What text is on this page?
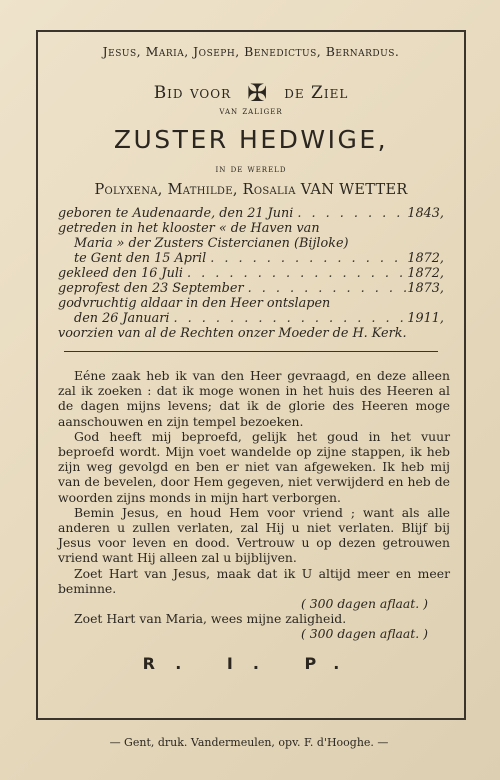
Jesus, Maria, Joseph, Benedictus, Bernardus.
Bid voor ✠ de Ziel
van zaliger
ZUSTER HEDWIGE,
in de wereld
Polyxena, Mathilde, Rosalia VAN WETTER
geboren te Audenaarde, den 21 Juni . . .	1843,
getreden in het klooster « de Haven van
Maria » der Zusters Cistercianen (Bijloke)
te Gent den 15 April . . .	1872,
gekleed den 16 Juli . . .	1872,
geprofest den 23 September . . .	1873,
godvruchtig aldaar in den Heer ontslapen
den 26 Januari . . .	1911,
voorzien van al de Rechten onzer Moeder de H. Kerk.

Eéne zaak heb ik van den Heer gevraagd, en deze alleen zal ik zoeken : dat ik moge wonen in het huis des Heeren al de dagen mijns levens; dat ik de glorie des Heeren moge aanschouwen en zijn tempel bezoeken.

God heeft mij beproefd, gelijk het goud in het vuur beproefd wordt. Mijn voet wandelde op zijne stappen, ik heb zijn weg gevolgd en ben er niet van afgeweken. Ik heb mij van de bevelen, door Hem gegeven, niet verwijderd en heb de woorden zijns monds in mijn hart verborgen.

Bemin Jesus, en houd Hem voor vriend ; want als alle anderen u zullen verlaten, zal Hij u niet verlaten. Blijf bij Jesus voor leven en dood. Vertrouw u op dezen getrouwen vriend want Hij alleen zal u bijblijven.

Zoet Hart van Jesus, maak dat ik U altijd meer en meer beminne.

( 300 dagen aflaat. )

Zoet Hart van Maria, wees mijne zaligheid.

( 300 dagen aflaat. )
R. I. P.
— Gent, druk. Vandermeulen, opv. F. d'Hooghe. —
